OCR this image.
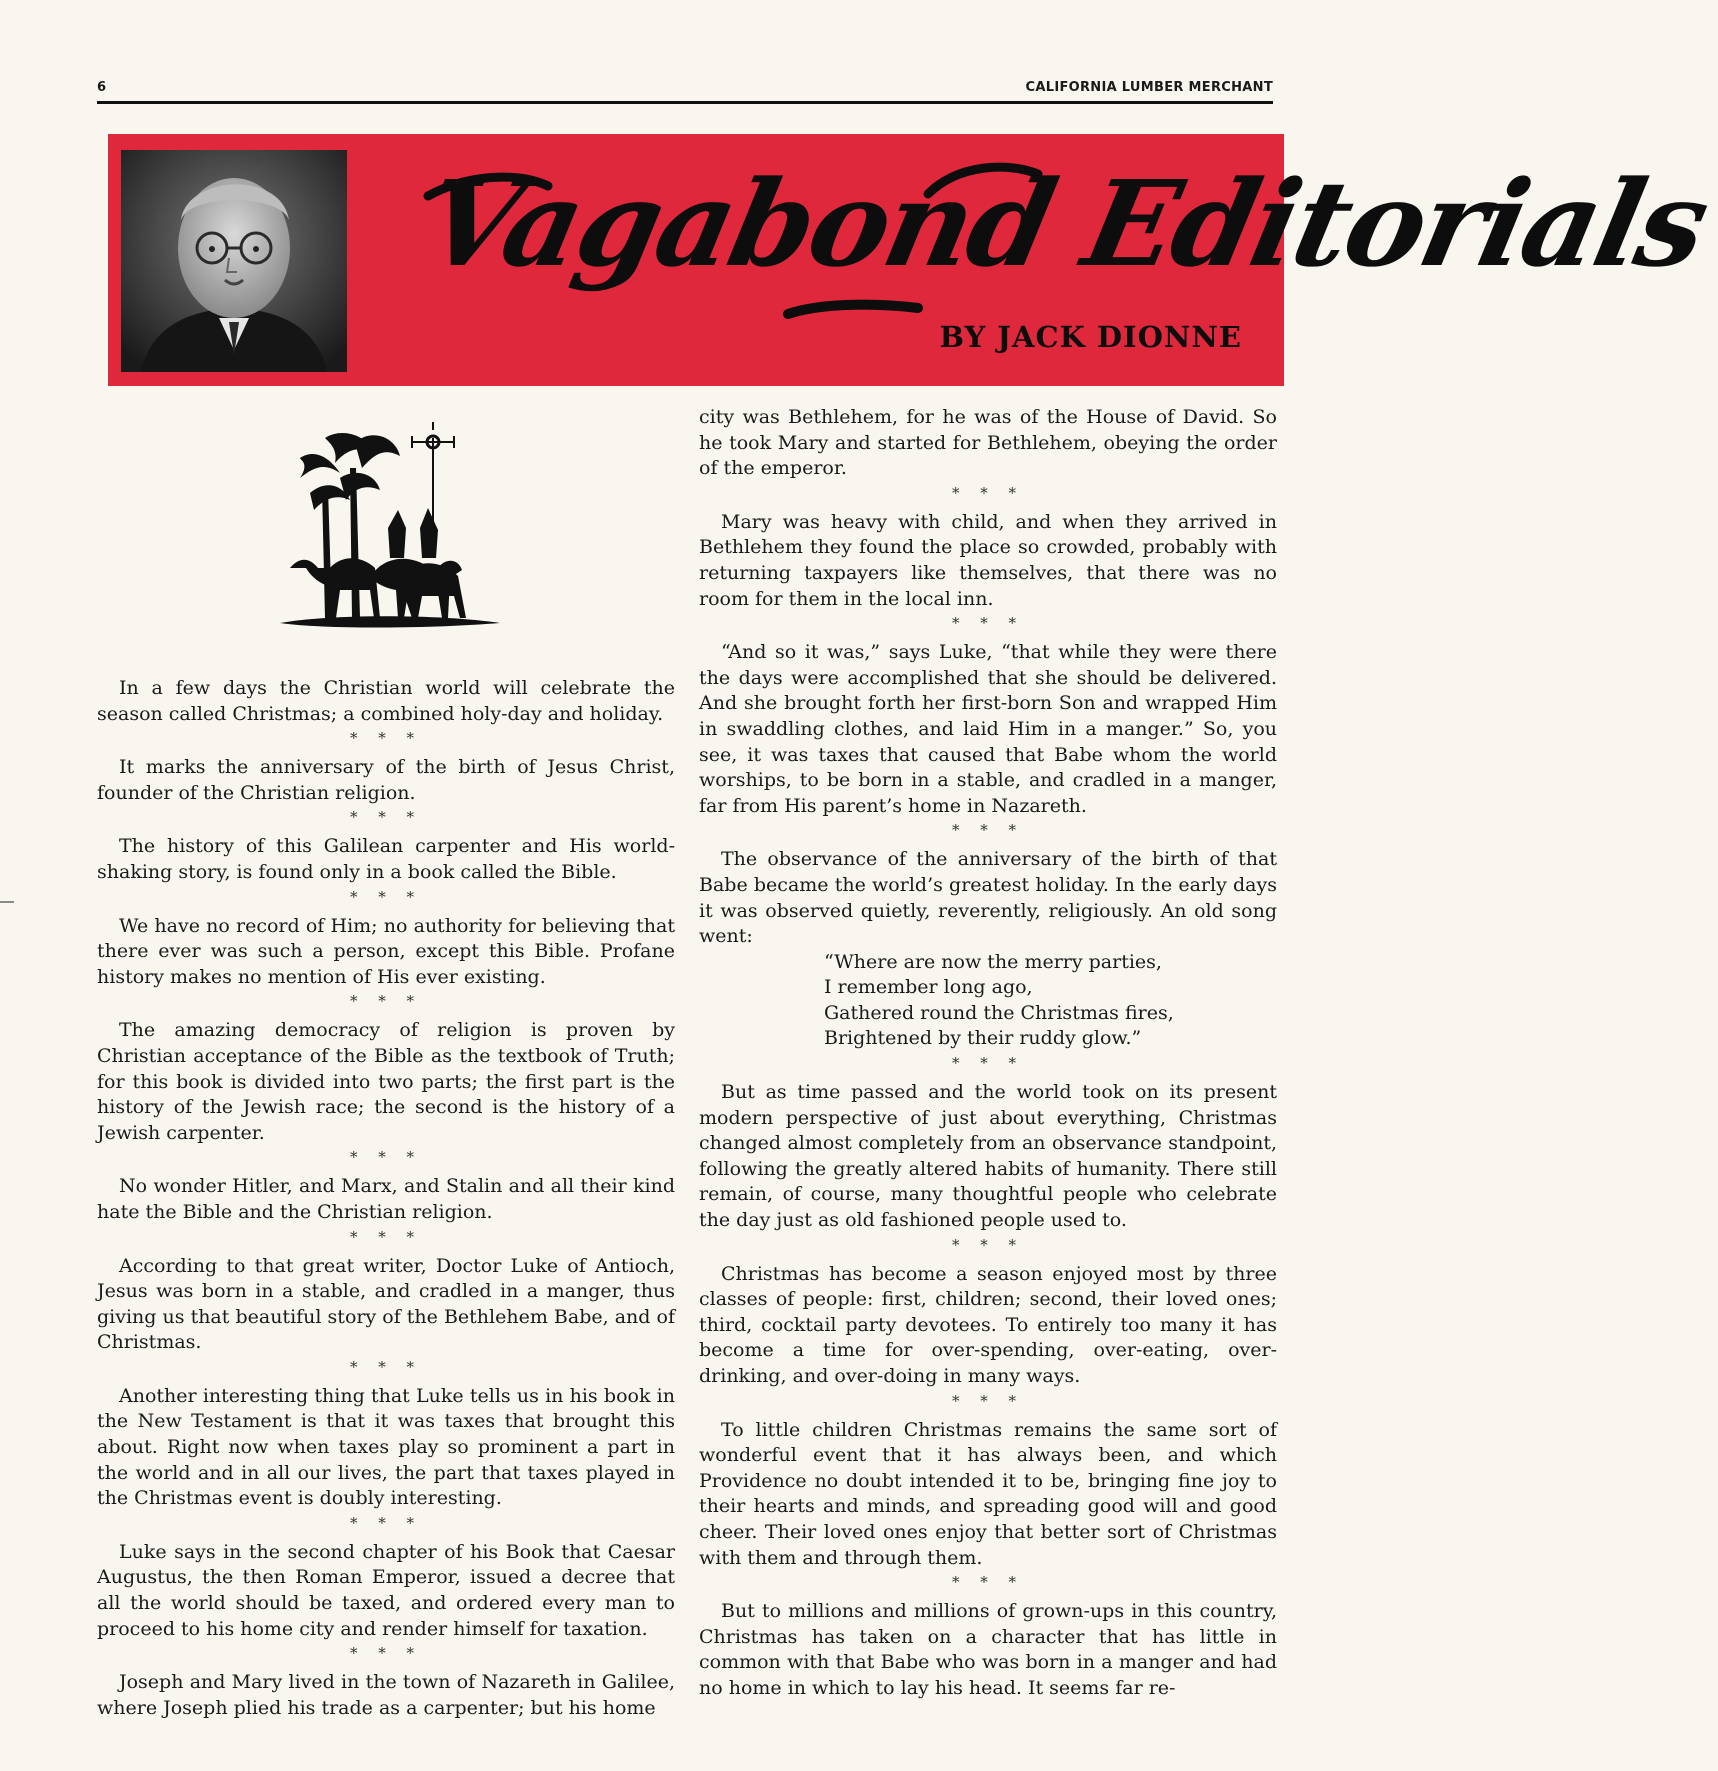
6	CALIFORNIA LUMBER MERCHANT
Vagabond Editorials
BY JACK DIONNE

In a few days the Christian world will celebrate the season called Christmas; a combined holy-day and holiday.

* * *

It marks the anniversary of the birth of Jesus Christ, founder of the Christian religion.

* * *

The history of this Galilean carpenter and His world-shaking story, is found only in a book called the Bible.

* * *

We have no record of Him; no authority for believing that there ever was such a person, except this Bible. Profane history makes no mention of His ever existing.

* * *

The amazing democracy of religion is proven by Christian acceptance of the Bible as the textbook of Truth; for this book is divided into two parts; the first part is the history of the Jewish race; the second is the history of a Jewish carpenter.

* * *

No wonder Hitler, and Marx, and Stalin and all their kind hate the Bible and the Christian religion.

* * *

According to that great writer, Doctor Luke of Antioch, Jesus was born in a stable, and cradled in a manger, thus giving us that beautiful story of the Bethlehem Babe, and of Christmas.

* * *

Another interesting thing that Luke tells us in his book in the New Testament is that it was taxes that brought this about. Right now when taxes play so prominent a part in the world and in all our lives, the part that taxes played in the Christmas event is doubly interesting.

* * *

Luke says in the second chapter of his Book that Caesar Augustus, the then Roman Emperor, issued a decree that all the world should be taxed, and ordered every man to proceed to his home city and render himself for taxation.

* * *

Joseph and Mary lived in the town of Nazareth in Galilee, where Joseph plied his trade as a carpenter; but his home

city was Bethlehem, for he was of the House of David. So he took Mary and started for Bethlehem, obeying the order of the emperor.

* * *

Mary was heavy with child, and when they arrived in Bethlehem they found the place so crowded, probably with returning taxpayers like themselves, that there was no room for them in the local inn.

* * *

“And so it was,” says Luke, “that while they were there the days were accomplished that she should be delivered. And she brought forth her first-born Son and wrapped Him in swaddling clothes, and laid Him in a manger.” So, you see, it was taxes that caused that Babe whom the world worships, to be born in a stable, and cradled in a manger, far from His parent’s home in Nazareth.

* * *

The observance of the anniversary of the birth of that Babe became the world’s greatest holiday. In the early days it was observed quietly, reverently, religiously. An old song went:

“Where are now the merry parties,
I remember long ago,
Gathered round the Christmas fires,
Brightened by their ruddy glow.”
* * *

But as time passed and the world took on its present modern perspective of just about everything, Christmas changed almost completely from an observance standpoint, following the greatly altered habits of humanity. There still remain, of course, many thoughtful people who celebrate the day just as old fashioned people used to.

* * *

Christmas has become a season enjoyed most by three classes of people: first, children; second, their loved ones; third, cocktail party devotees. To entirely too many it has become a time for over-spending, over-eating, over-drinking, and over-doing in many ways.

* * *

To little children Christmas remains the same sort of wonderful event that it has always been, and which Providence no doubt intended it to be, bringing fine joy to their hearts and minds, and spreading good will and good cheer. Their loved ones enjoy that better sort of Christmas with them and through them.

* * *

But to millions and millions of grown-ups in this country, Christmas has taken on a character that has little in common with that Babe who was born in a manger and had no home in which to lay his head. It seems far re-
